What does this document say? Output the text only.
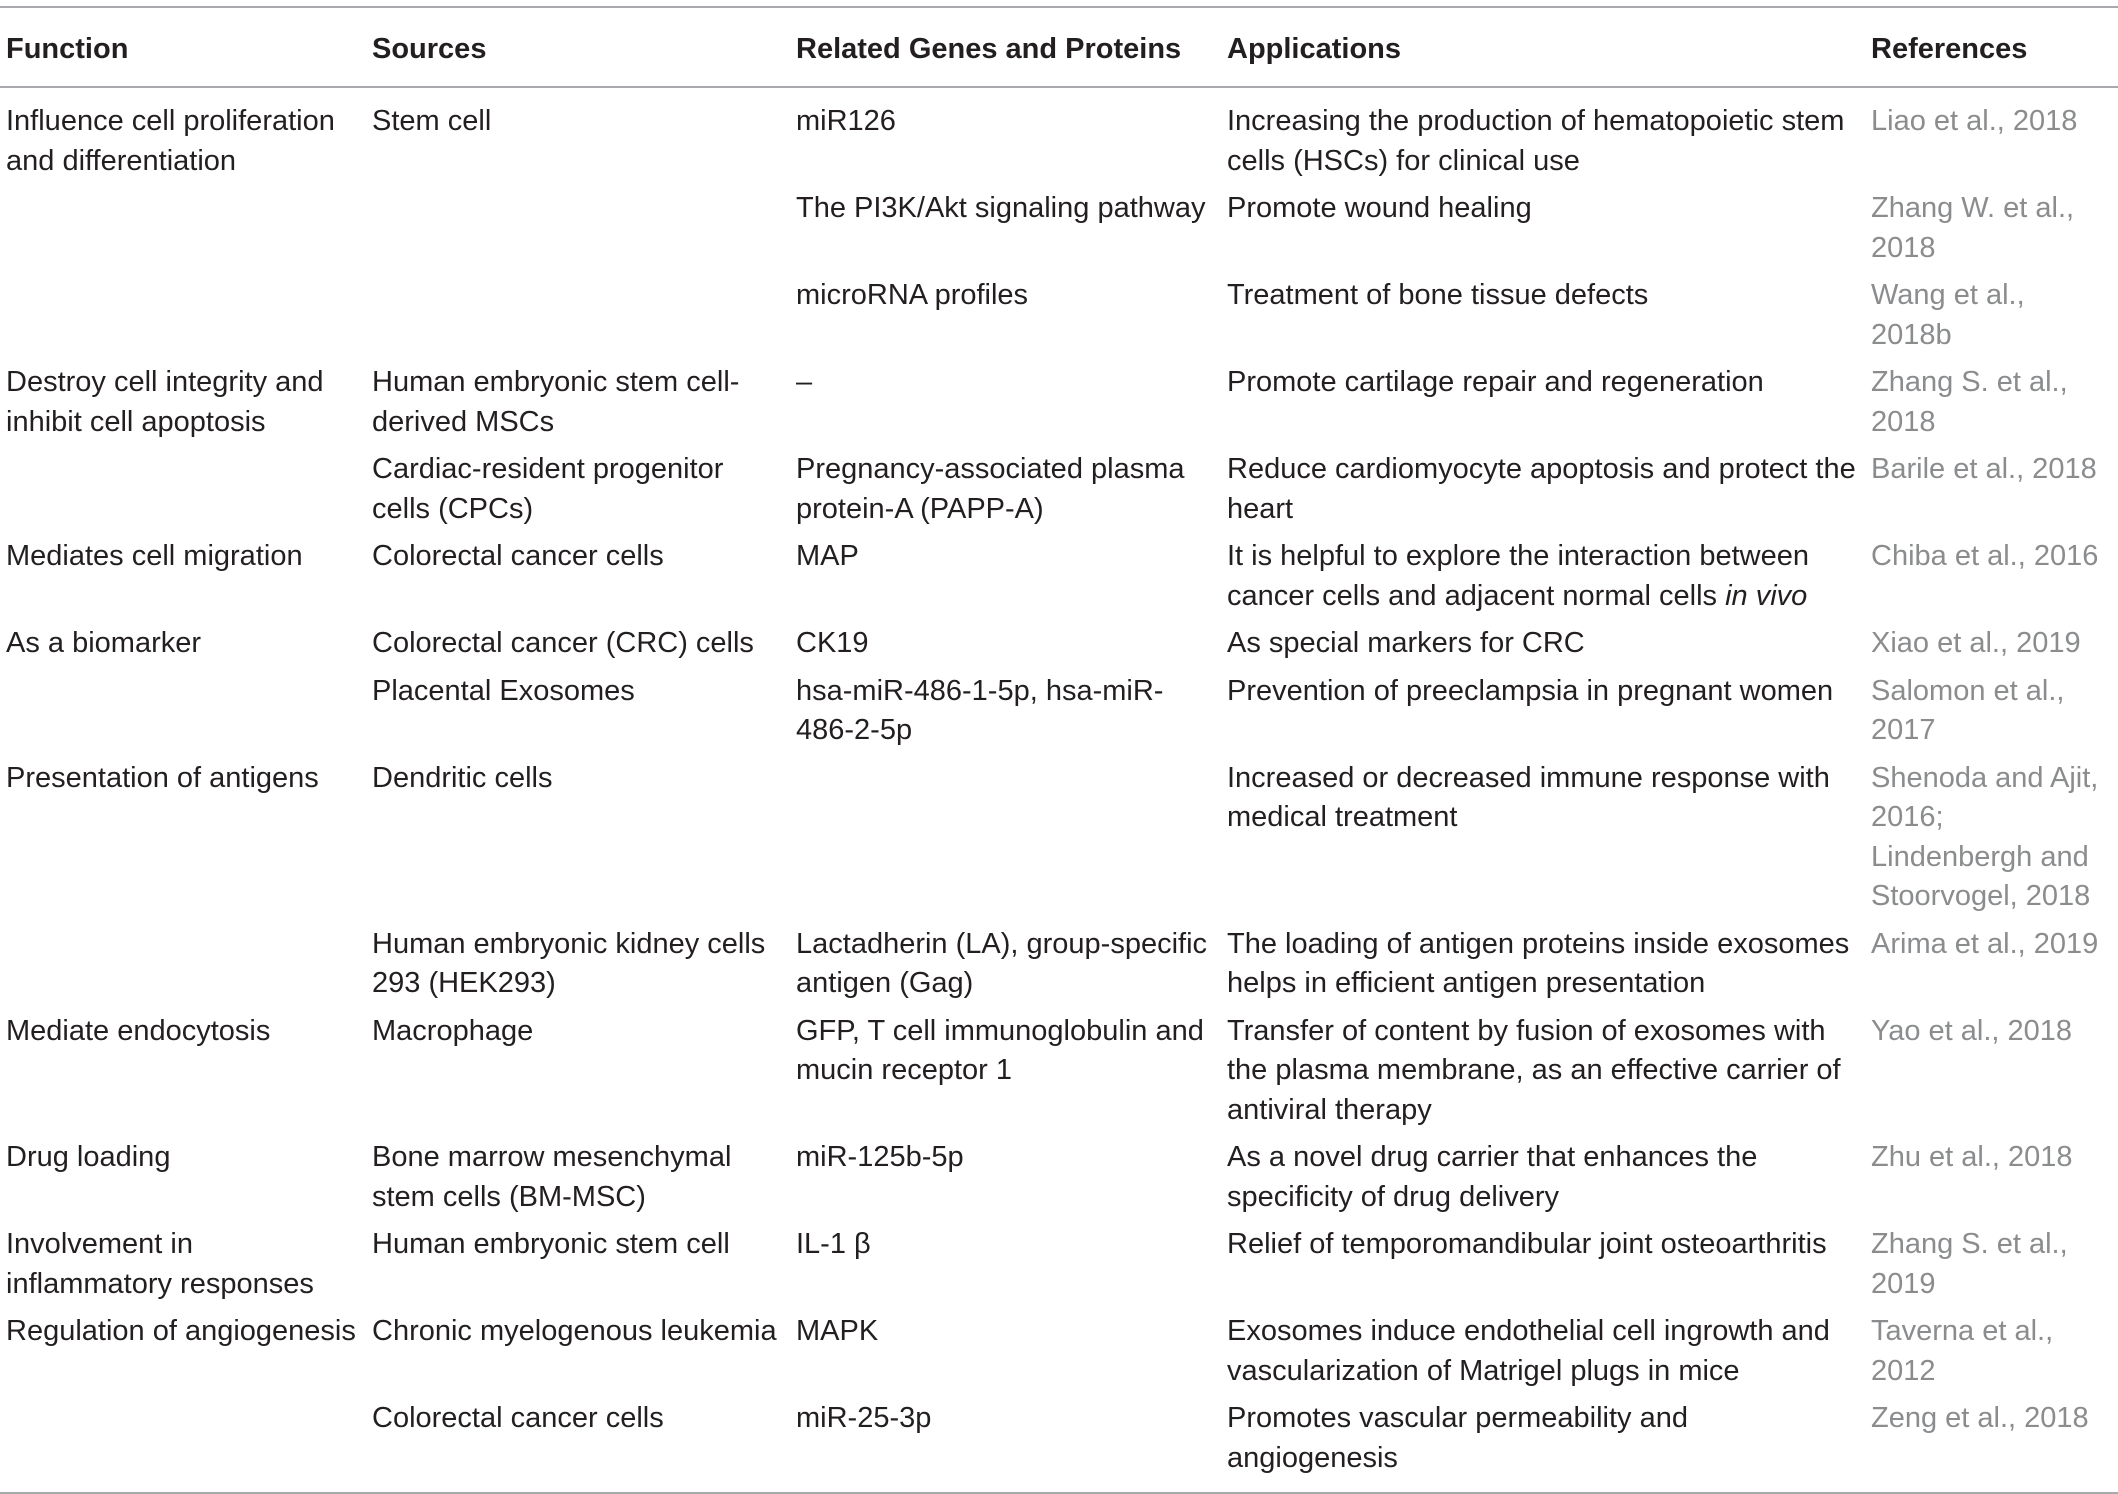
Function	Sources	Related Genes and Proteins	Applications	References
Influence cell proliferation and differentiation	Stem cell	miR126	Increasing the production of hematopoietic stem cells (HSCs) for clinical use	Liao et al., 2018
		The PI3K/Akt signaling pathway	Promote wound healing	Zhang W. et al., 2018
		microRNA profiles	Treatment of bone tissue defects	Wang et al., 2018b
Destroy cell integrity and inhibit cell apoptosis	Human embryonic stem cell-derived MSCs	–	Promote cartilage repair and regeneration	Zhang S. et al., 2018
	Cardiac-resident progenitor cells (CPCs)	Pregnancy-associated plasma protein-A (PAPP-A)	Reduce cardiomyocyte apoptosis and protect the heart	Barile et al., 2018
Mediates cell migration	Colorectal cancer cells	MAP	It is helpful to explore the interaction between cancer cells and adjacent normal cells in vivo	Chiba et al., 2016
As a biomarker	Colorectal cancer (CRC) cells	CK19	As special markers for CRC	Xiao et al., 2019
	Placental Exosomes	hsa-miR-486-1-5p, hsa-miR-486-2-5p	Prevention of preeclampsia in pregnant women	Salomon et al., 2017
Presentation of antigens	Dendritic cells		Increased or decreased immune response with medical treatment	Shenoda and Ajit, 2016; Lindenbergh and Stoorvogel, 2018
	Human embryonic kidney cells 293 (HEK293)	Lactadherin (LA), group-specific antigen (Gag)	The loading of antigen proteins inside exosomes helps in efficient antigen presentation	Arima et al., 2019
Mediate endocytosis	Macrophage	GFP, T cell immunoglobulin and mucin receptor 1	Transfer of content by fusion of exosomes with the plasma membrane, as an effective carrier of antiviral therapy	Yao et al., 2018
Drug loading	Bone marrow mesenchymal stem cells (BM-MSC)	miR-125b-5p	As a novel drug carrier that enhances the specificity of drug delivery	Zhu et al., 2018
Involvement in inflammatory responses	Human embryonic stem cell	IL-1 β	Relief of temporomandibular joint osteoarthritis	Zhang S. et al., 2019
Regulation of angiogenesis	Chronic myelogenous leukemia	MAPK	Exosomes induce endothelial cell ingrowth and vascularization of Matrigel plugs in mice	Taverna et al., 2012
	Colorectal cancer cells	miR-25-3p	Promotes vascular permeability and angiogenesis	Zeng et al., 2018
